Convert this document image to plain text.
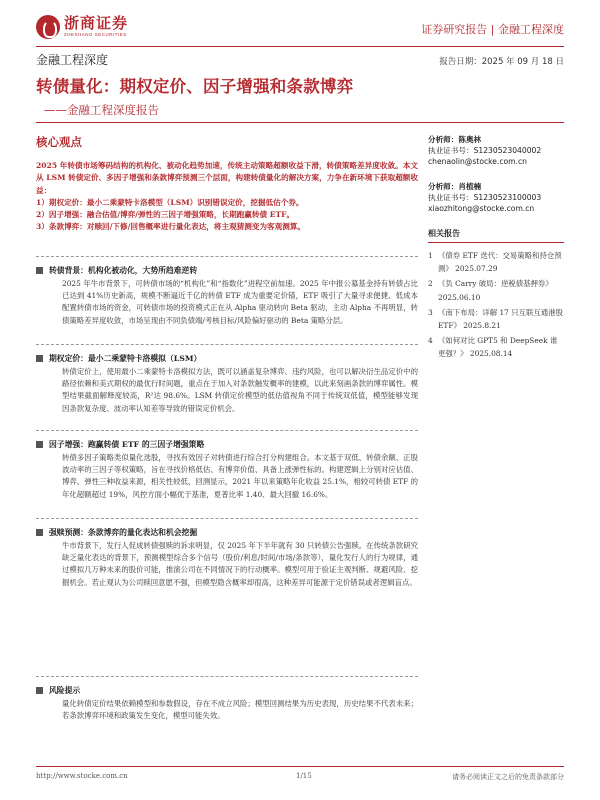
浙商证券
ZHESHANG SECURITIES	证券研究报告 | 金融工程深度
金融工程深度	报告日期：2025 年 09 月 18 日
转债量化：期权定价、因子增强和条款博弈
——金融工程深度报告
核心观点
2025 年转债市场筹码结构的机构化、被动化趋势加速，传统主动策略超额收益下滑，转债策略差异度收敛。本文从 LSM 转债定价、多因子增强和条款博弈预测三个层面，构建转债量化的解决方案，力争在新环境下获取超额收益：
1）期权定价：最小二乘蒙特卡洛模型（LSM）识别错误定价，挖掘低估个券。
2）因子增强：融合估值/博弈/弹性的三因子增强策略，长期跑赢转债 ETF。
3）条款博弈：对赎回/下修/回售概率进行量化表达，将主观猜测变为客观测算。
转债背景：机构化被动化，大势所趋难逆转
2025 年牛市背景下，可转债市场的“机构化”和“指数化”进程空前加速。2025 年中报公募基金持有转债占比已达到 41%历史新高，规模不断逼近千亿的转债 ETF 成为重要定价锚，ETF 吸引了大量寻求便捷、低成本配置转债市场的资金，可转债市场的投资模式正在从 Alpha 驱动转向 Beta 驱动，主动 Alpha 不再明显，转债策略差异度收敛，市场呈现由不同负债端/考核目标/风险偏好驱动的 Beta 策略分层。
期权定价：最小二乘蒙特卡洛模拟（LSM）
转债定价上，使用最小二乘蒙特卡洛模拟方法，既可以涵盖复杂博弈、违约风险，也可以解决衍生品定价中的路径依赖和美式期权的最优行时间题，重点在于加入对条款触发概率的建模，以此来刻画条款的博弈属性。模型结果截面解释度较高，R²达 98.6%。LSM 转债定价模型的低估值视角不同于传统双低值，模型能够发现因条款复杂度、波动率认知差等导致的错误定价机会。
因子增强：跑赢转债 ETF 的三因子增强策略
转债多因子策略类似量化选股，寻找有效因子对转债进行综合打分构建组合。本文基于双低、转债余额、正股波动率的三因子等权策略，旨在寻找价格低估、有博弈价值、具备上涨弹性标的。构建逻辑上分别对应估值、博弈、弹性三种收益来源，相关性较低，回测显示，2021 年以来策略年化收益 25.1%，相较可转债 ETF 的年化超额超过 19%，风控方面小幅优于基准，夏普比率 1.40、最大回撤 16.6%。
强赎预测：条款博弈的量化表达和机会挖掘
牛市背景下，发行人促成转债强赎的诉求明显，仅 2025 年下半年就有 30 只转债公告强赎。在传统条款研究缺乏量化表达的背景下，预测模型综合多个信号（股价/利息/时间/市场/条款等），量化发行人的行为规律，通过模拟几万种未来的股价可能，推演公司在不同情况下的行动概率。模型可用于验证主观判断、规避风险、挖掘机会。若止观认为公司赎回意愿不强，但模型隐含概率却很高，这种差异可能源于定价错误或者逻辑盲点。
风险提示
量化转债定价结果依赖模型和参数假设，存在不成立风险；模型回测结果为历史表现，历史结果不代表未来；若条款博弈环境和政策发生变化，模型可能失效。
分析师：陈奥林
执业证书号：S1230523040002
chenaolin@stocke.com.cn
分析师：肖植楠
执业证书号：S1230523100003
xiaozhitong@stocke.com.cn
相关报告
1 《债券 ETF 迭代：交易策略和持仓预测》 2025.07.29
2 《负 Carry 破局：逆税债基押券》 2025.06.10
3 《南下布局：详解 17 只互联互通港股 ETF》 2025.8.21
4 《如何对比 GPT5 和 DeepSeek 谁更强？》 2025.08.14
http://www.stocke.com.cn	1/15	请务必阅读正文之后的免责条款部分
